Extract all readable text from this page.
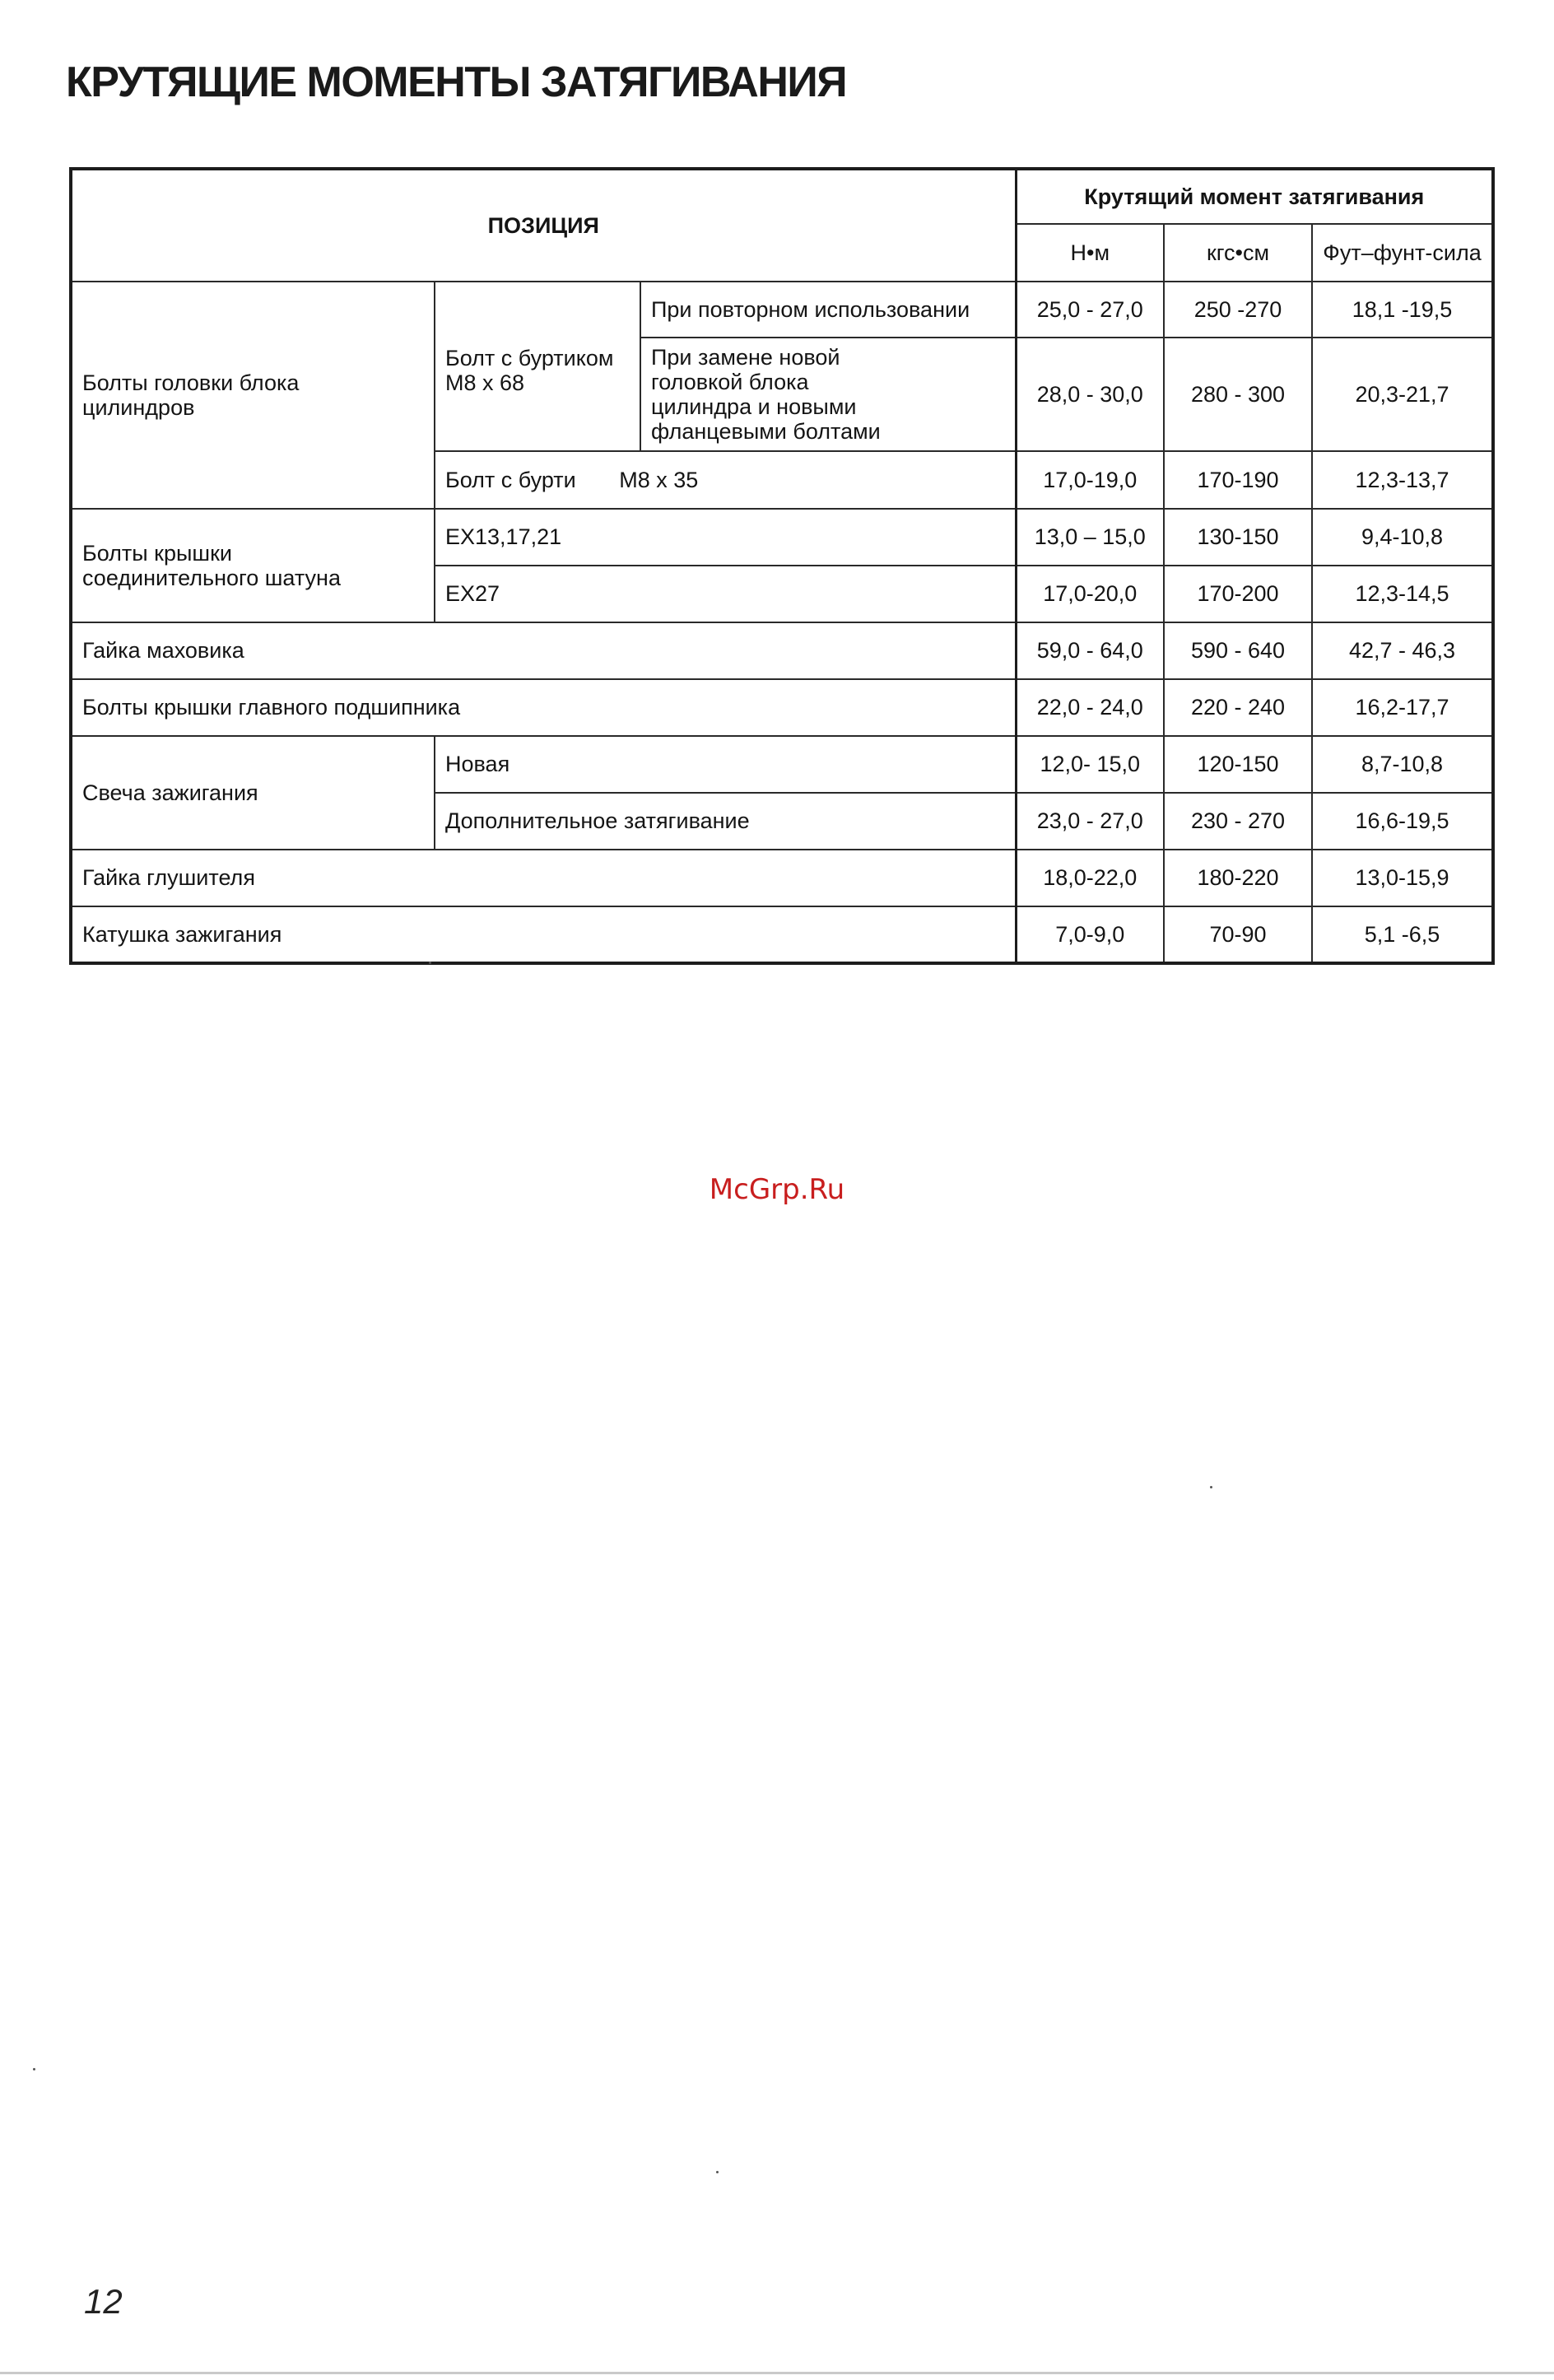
КРУТЯЩИЕ МОМЕНТЫ ЗАТЯГИВАНИЯ
ПОЗИЦИЯ			Крутящий момент затягивания		
			Н•м	кгс•см	Фут–фунт-сила
Болты головки блока цилиндров	Болт с буртиком М8 х 68	При повторном использовании	25,0 - 27,0	250 -270	18,1 -19,5
		При замене новой головкой блока цилиндра и новыми фланцевыми болтами	28,0 - 30,0	280 - 300	20,3-21,7
	Болт с бурти       М8 х 35		17,0-19,0	170-190	12,3-13,7
Болты крышки соединительного шатуна	EX13,17,21		13,0 – 15,0	130-150	9,4-10,8
	EX27		17,0-20,0	170-200	12,3-14,5
Гайка маховика			59,0 - 64,0	590 - 640	42,7 - 46,3
Болты крышки главного подшипника			22,0 - 24,0	220 - 240	16,2-17,7
Свеча зажигания	Новая		12,0- 15,0	120-150	8,7-10,8
	Дополнительное затягивание		23,0 - 27,0	230 - 270	16,6-19,5
Гайка глушителя			18,0-22,0	180-220	13,0-15,9
Катушка зажигания			7,0-9,0	70-90	5,1 -6,5
McGrp.Ru
12
